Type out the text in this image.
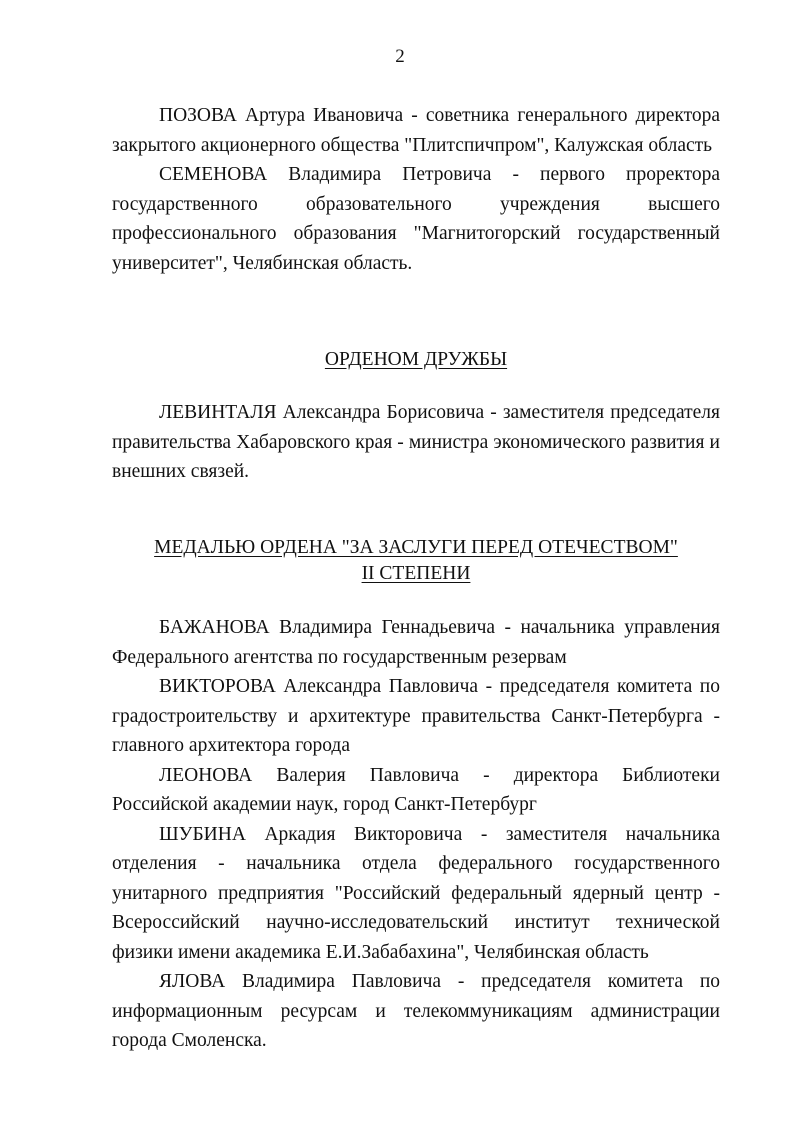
2

ПОЗОВА Артура Ивановича - советника генерального директора закрытого акционерного общества "Плитспичпром", Калужская область

СЕМЕНОВА Владимира Петровича - первого проректора государственного образовательного учреждения высшего профессионального образования "Магнитогорский государственный университет", Челябинская область.

ОРДЕНОМ ДРУЖБЫ

ЛЕВИНТАЛЯ Александра Борисовича - заместителя председателя правительства Хабаровского края - министра экономического развития и внешних связей.

МЕДАЛЬЮ ОРДЕНА "ЗА ЗАСЛУГИ ПЕРЕД ОТЕЧЕСТВОМ"
II СТЕПЕНИ

БАЖАНОВА Владимира Геннадьевича - начальника управления Федерального агентства по государственным резервам

ВИКТОРОВА Александра Павловича - председателя комитета по градостроительству и архитектуре правительства Санкт-Петербурга - главного архитектора города

ЛЕОНОВА Валерия Павловича - директора Библиотеки Российской академии наук, город Санкт-Петербург

ШУБИНА Аркадия Викторовича - заместителя начальника отделения - начальника отдела федерального государственного унитарного предприятия "Российский федеральный ядерный центр - Всероссийский научно-исследовательский институт технической физики имени академика Е.И.Забабахина", Челябинская область

ЯЛОВА Владимира Павловича - председателя комитета по информационным ресурсам и телекоммуникациям администрации города Смоленска.
